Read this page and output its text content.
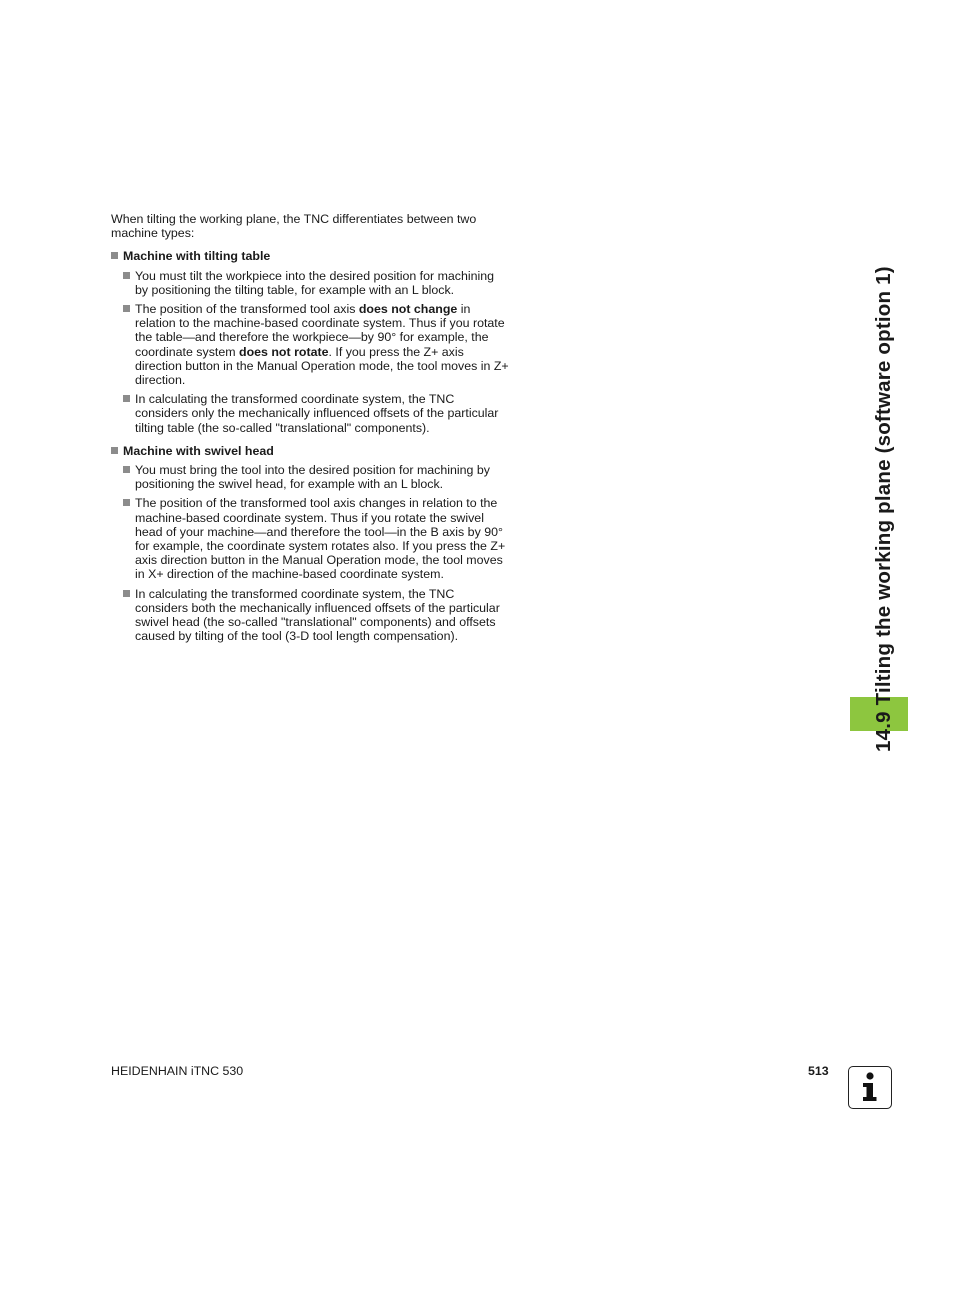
When tilting the working plane, the TNC differentiates between two machine types:

Machine with tilting table
You must tilt the workpiece into the desired position for machining by positioning the tilting table, for example with an L block.
The position of the transformed tool axis does not change in relation to the machine-based coordinate system. Thus if you rotate the table—and therefore the workpiece—by 90° for example, the coordinate system does not rotate. If you press the Z+ axis direction button in the Manual Operation mode, the tool moves in Z+ direction.
In calculating the transformed coordinate system, the TNC considers only the mechanically influenced offsets of the particular tilting table (the so-called "translational" components).
Machine with swivel head
You must bring the tool into the desired position for machining by positioning the swivel head, for example with an L block.
The position of the transformed tool axis changes in relation to the machine-based coordinate system. Thus if you rotate the swivel head of your machine—and therefore the tool—in the B axis by 90° for example, the coordinate system rotates also. If you press the Z+ axis direction button in the Manual Operation mode, the tool moves in X+ direction of the machine-based coordinate system.
In calculating the transformed coordinate system, the TNC considers both the mechanically influenced offsets of the particular swivel head (the so-called "translational" components) and offsets caused by tilting of the tool (3-D tool length compensation).	14.9 Tilting the working plane (software option 1)
HEIDENHAIN iTNC 530	513
